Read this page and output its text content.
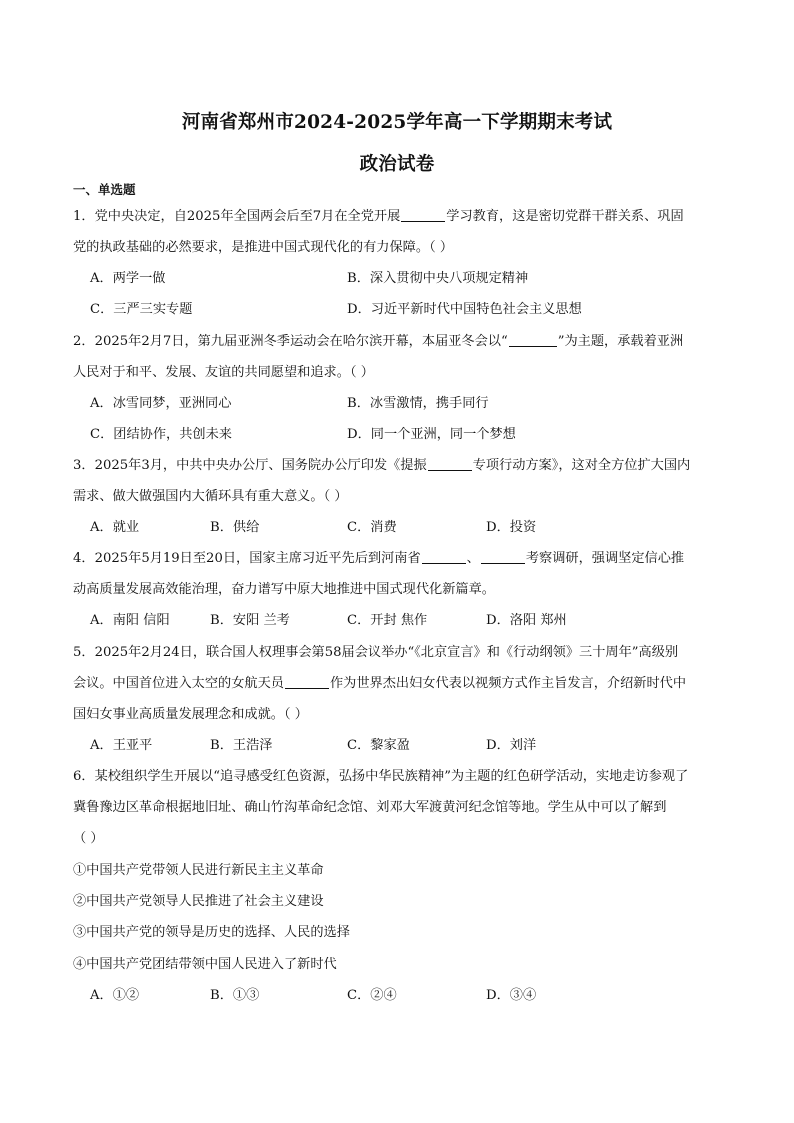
河南省郑州市2024-2025学年高一下学期期末考试
政治试卷
一、单选题
1．党中央决定，自2025年全国两会后至7月在全党开展	学习教育，这是密切党群干群关系、巩固
党的执政基础的必然要求，是推进中国式现代化的有力保障。（ ）
A．两学一做	B．深入贯彻中央八项规定精神
C．三严三实专题	D．习近平新时代中国特色社会主义思想
2．2025年2月7日，第九届亚洲冬季运动会在哈尔滨开幕，本届亚冬会以“	”为主题，承载着亚洲
人民对于和平、发展、友谊的共同愿望和追求。（ ）
A．冰雪同梦，亚洲同心	B．冰雪激情，携手同行
C．团结协作，共创未来	D．同一个亚洲，同一个梦想
3．2025年3月，中共中央办公厅、国务院办公厅印发《提振	专项行动方案》，这对全方位扩大国内
需求、做大做强国内大循环具有重大意义。（ ）
A．就业	B．供给	C．消费	D．投资
4．2025年5月19日至20日，国家主席习近平先后到河南省	、	考察调研，强调坚定信心推
动高质量发展高效能治理，奋力谱写中原大地推进中国式现代化新篇章。
A．南阳 信阳	B．安阳 兰考	C．开封 焦作	D．洛阳 郑州
5．2025年2月24日，联合国人权理事会第58届会议举办“《北京宣言》和《行动纲领》三十周年”高级别
会议。中国首位进入太空的女航天员	作为世界杰出妇女代表以视频方式作主旨发言，介绍新时代中
国妇女事业高质量发展理念和成就。（ ）
A．王亚平	B．王浩泽	C．黎家盈	D．刘洋
6．某校组织学生开展以“追寻感受红色资源，弘扬中华民族精神”为主题的红色研学活动，实地走访参观了
冀鲁豫边区革命根据地旧址、确山竹沟革命纪念馆、刘邓大军渡黄河纪念馆等地。学生从中可以了解到
（ ）
①中国共产党带领人民进行新民主主义革命
②中国共产党领导人民推进了社会主义建设
③中国共产党的领导是历史的选择、人民的选择
④中国共产党团结带领中国人民进入了新时代
A．①②	B．①③	C．②④	D．③④
